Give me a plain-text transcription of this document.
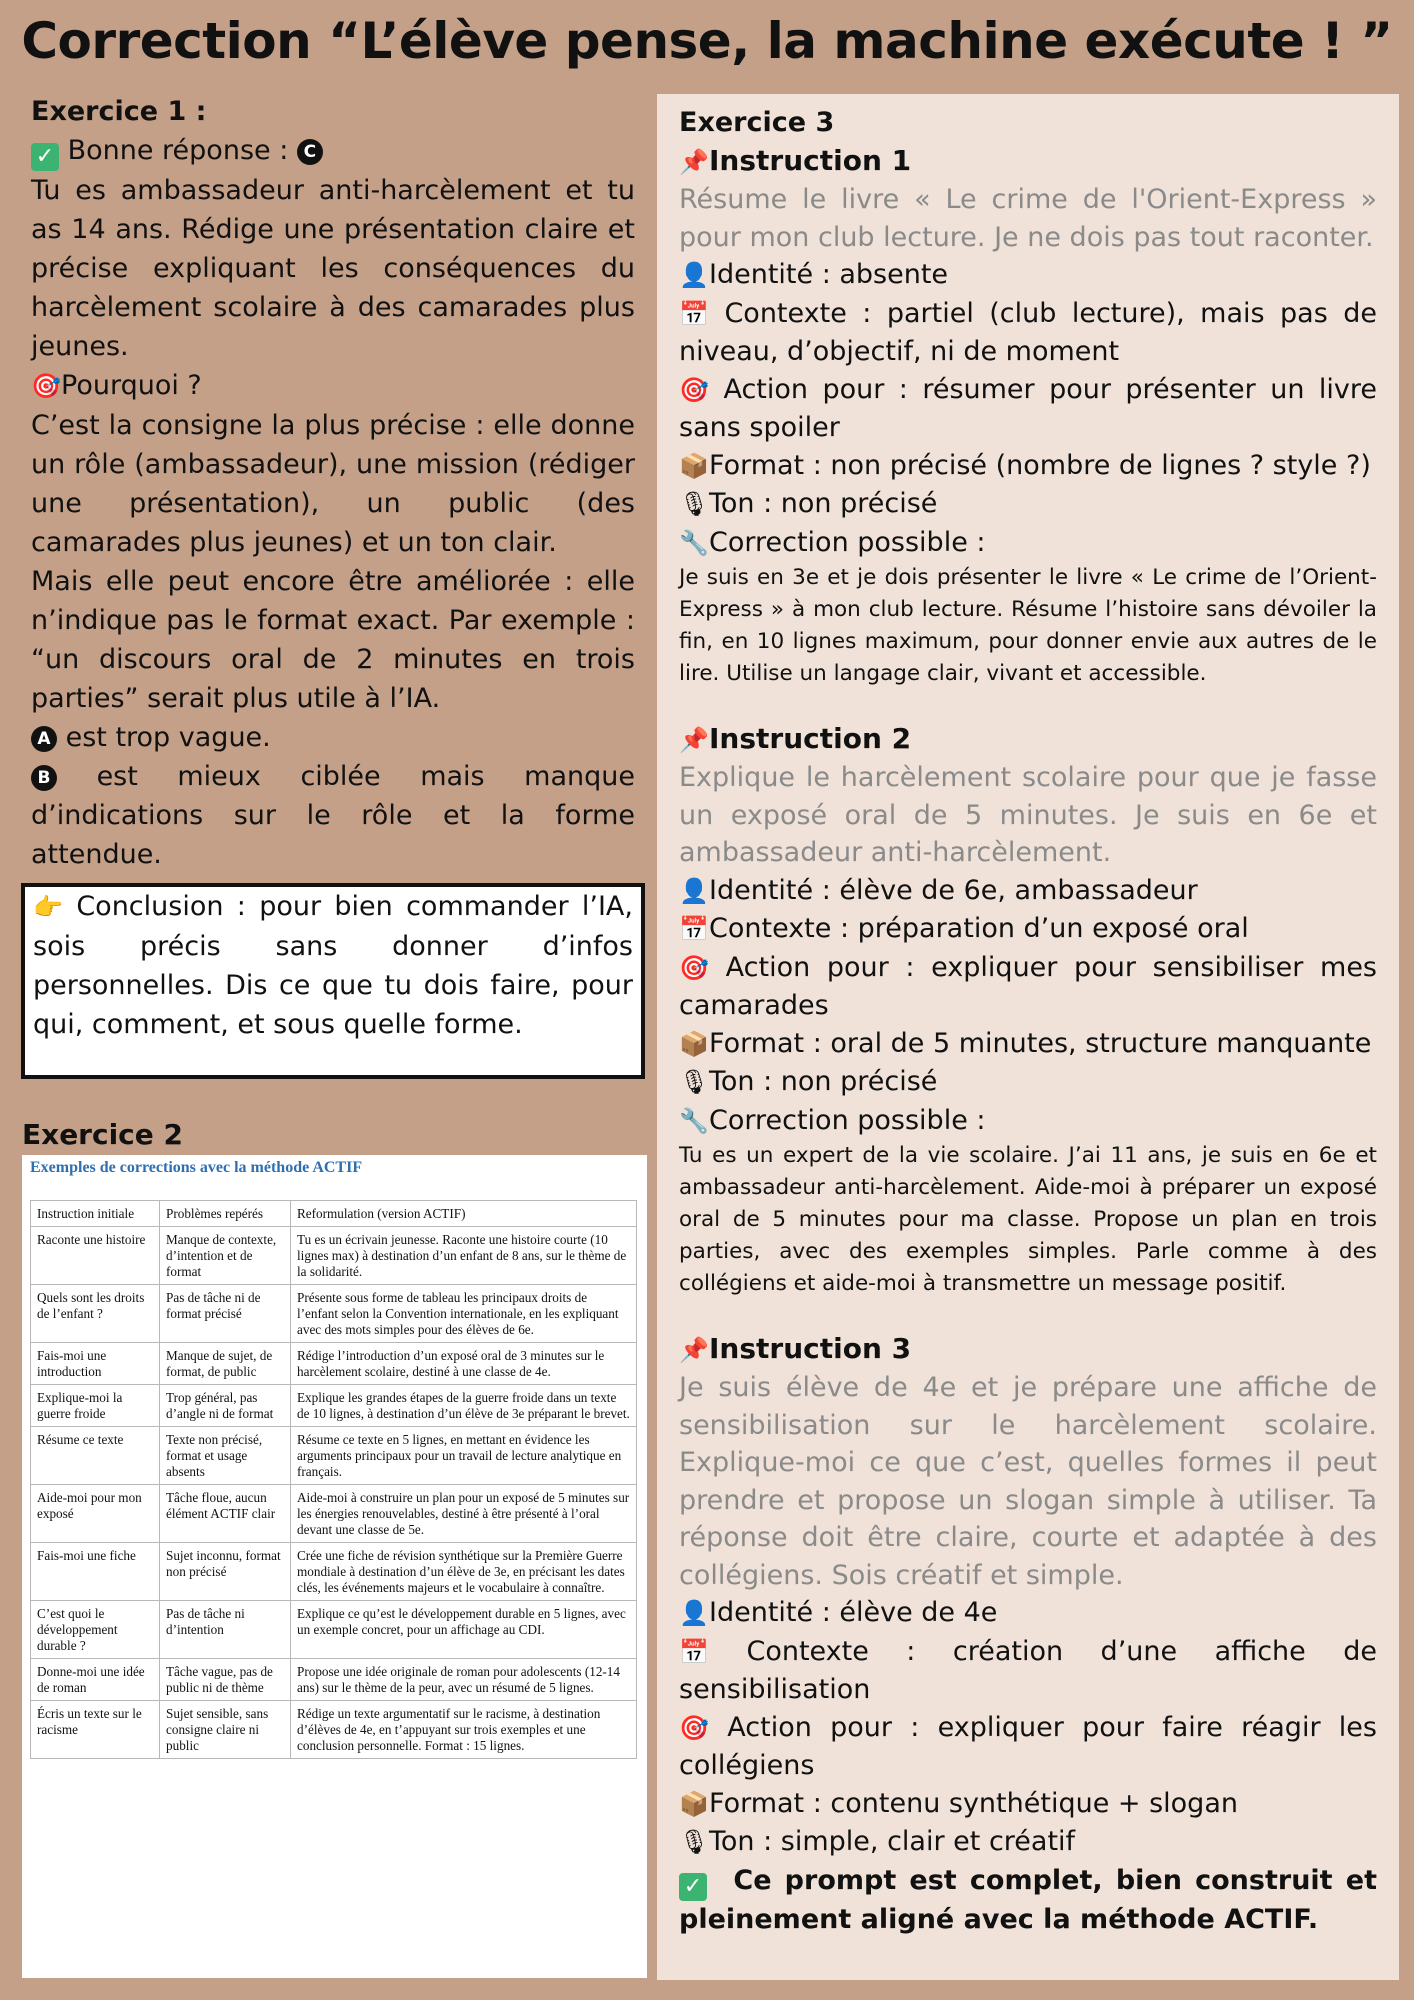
Correction “L’élève pense, la machine exécute ! ”

Exercice 1 :

✓ Bonne réponse : C

Tu es ambassadeur anti-harcèlement et tu as 14 ans. Rédige une présentation claire et précise expliquant les conséquences du harcèlement scolaire à des camarades plus jeunes.

🎯Pourquoi ?

C’est la consigne la plus précise : elle donne un rôle (ambassadeur), une mission (rédiger une présentation), un public (des camarades plus jeunes) et un ton clair.

Mais elle peut encore être améliorée : elle n’indique pas le format exact. Par exemple : “un discours oral de 2 minutes en trois parties” serait plus utile à l’IA.

A est trop vague.

B est mieux ciblée mais manque d’indications sur le rôle et la forme attendue.

👉 Conclusion : pour bien commander l’IA, sois précis sans donner d’infos personnelles. Dis ce que tu dois faire, pour qui, comment, et sous quelle forme.

Exercice 2
Exemples de corrections avec la méthode ACTIF
Instruction initiale	Problèmes repérés	Reformulation (version ACTIF)
Raconte une histoire	Manque de contexte, d’intention et de format	Tu es un écrivain jeunesse. Raconte une histoire courte (10 lignes max) à destination d’un enfant de 8 ans, sur le thème de la solidarité.
Quels sont les droits de l’enfant ?	Pas de tâche ni de format précisé	Présente sous forme de tableau les principaux droits de l’enfant selon la Convention internationale, en les expliquant avec des mots simples pour des élèves de 6e.
Fais-moi une introduction	Manque de sujet, de format, de public	Rédige l’introduction d’un exposé oral de 3 minutes sur le harcèlement scolaire, destiné à une classe de 4e.
Explique-moi la guerre froide	Trop général, pas d’angle ni de format	Explique les grandes étapes de la guerre froide dans un texte de 10 lignes, à destination d’un élève de 3e préparant le brevet.
Résume ce texte	Texte non précisé, format et usage absents	Résume ce texte en 5 lignes, en mettant en évidence les arguments principaux pour un travail de lecture analytique en français.
Aide-moi pour mon exposé	Tâche floue, aucun élément ACTIF clair	Aide-moi à construire un plan pour un exposé de 5 minutes sur les énergies renouvelables, destiné à être présenté à l’oral devant une classe de 5e.
Fais-moi une fiche	Sujet inconnu, format non précisé	Crée une fiche de révision synthétique sur la Première Guerre mondiale à destination d’un élève de 3e, en précisant les dates clés, les événements majeurs et le vocabulaire à connaître.
C’est quoi le développement durable ?	Pas de tâche ni d’intention	Explique ce qu’est le développement durable en 5 lignes, avec un exemple concret, pour un affichage au CDI.
Donne-moi une idée de roman	Tâche vague, pas de public ni de thème	Propose une idée originale de roman pour adolescents (12-14 ans) sur le thème de la peur, avec un résumé de 5 lignes.
Écris un texte sur le racisme	Sujet sensible, sans consigne claire ni public	Rédige un texte argumentatif sur le racisme, à destination d’élèves de 4e, en t’appuyant sur trois exemples et une conclusion personnelle. Format : 15 lignes.

Exercice 3

📌Instruction 1

Résume le livre « Le crime de l'Orient-Express » pour mon club lecture. Je ne dois pas tout raconter.

👤Identité : absente

📅 Contexte : partiel (club lecture), mais pas de niveau, d’objectif, ni de moment

🎯 Action pour : résumer pour présenter un livre sans spoiler

📦Format : non précisé (nombre de lignes ? style ?)

🎙Ton : non précisé

🔧Correction possible :

Je suis en 3e et je dois présenter le livre « Le crime de l’Orient-Express » à mon club lecture. Résume l’histoire sans dévoiler la fin, en 10 lignes maximum, pour donner envie aux autres de le lire. Utilise un langage clair, vivant et accessible.

📌Instruction 2

Explique le harcèlement scolaire pour que je fasse un exposé oral de 5 minutes. Je suis en 6e et ambassadeur anti-harcèlement.

👤Identité : élève de 6e, ambassadeur

📅Contexte : préparation d’un exposé oral

🎯 Action pour : expliquer pour sensibiliser mes camarades

📦Format : oral de 5 minutes, structure manquante

🎙Ton : non précisé

🔧Correction possible :

Tu es un expert de la vie scolaire. J’ai 11 ans, je suis en 6e et ambassadeur anti-harcèlement. Aide-moi à préparer un exposé oral de 5 minutes pour ma classe. Propose un plan en trois parties, avec des exemples simples. Parle comme à des collégiens et aide-moi à transmettre un message positif.

📌Instruction 3

Je suis élève de 4e et je prépare une affiche de sensibilisation sur le harcèlement scolaire. Explique-moi ce que c’est, quelles formes il peut prendre et propose un slogan simple à utiliser. Ta réponse doit être claire, courte et adaptée à des collégiens. Sois créatif et simple.

👤Identité : élève de 4e

📅 Contexte : création d’une affiche de sensibilisation

🎯 Action pour : expliquer pour faire réagir les collégiens

📦Format : contenu synthétique + slogan

🎙Ton : simple, clair et créatif

✓ Ce prompt est complet, bien construit et pleinement aligné avec la méthode ACTIF.
